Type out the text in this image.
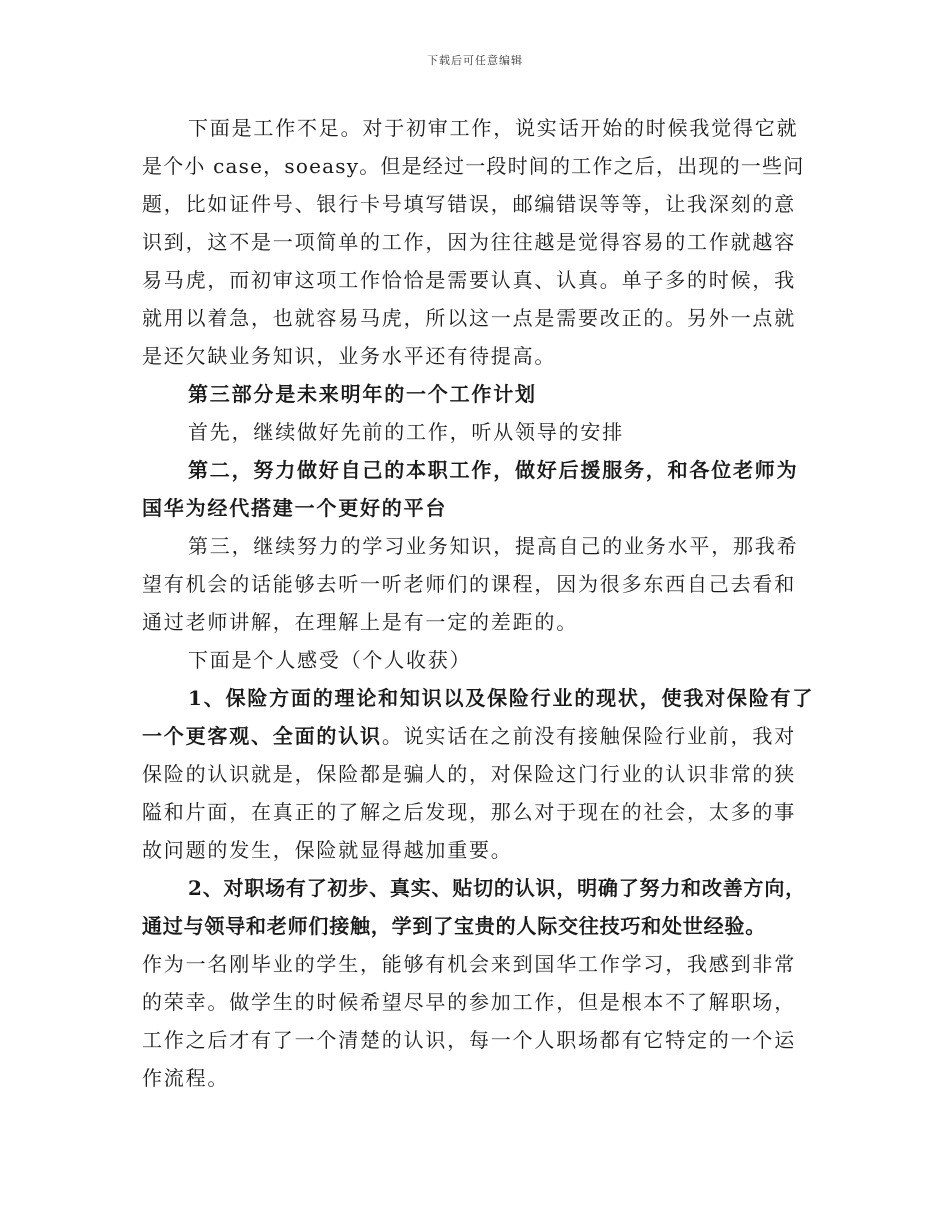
下载后可任意编辑
下面是工作不足。对于初审工作，说实话开始的时候我觉得它就
是个小 case，soeasy。但是经过一段时间的工作之后，出现的一些问
题，比如证件号、银行卡号填写错误，邮编错误等等，让我深刻的意
识到，这不是一项简单的工作，因为往往越是觉得容易的工作就越容
易马虎，而初审这项工作恰恰是需要认真、认真。单子多的时候，我
就用以着急，也就容易马虎，所以这一点是需要改正的。另外一点就
是还欠缺业务知识，业务水平还有待提高。
第三部分是未来明年的一个工作计划
首先，继续做好先前的工作，听从领导的安排
第二，努力做好自己的本职工作，做好后援服务，和各位老师为
国华为经代搭建一个更好的平台
第三，继续努力的学习业务知识，提高自己的业务水平，那我希
望有机会的话能够去听一听老师们的课程，因为很多东西自己去看和
通过老师讲解，在理解上是有一定的差距的。
下面是个人感受（个人收获）
1、保险方面的理论和知识以及保险行业的现状，使我对保险有了
一个更客观、全面的认识。说实话在之前没有接触保险行业前，我对
保险的认识就是，保险都是骗人的，对保险这门行业的认识非常的狭
隘和片面，在真正的了解之后发现，那么对于现在的社会，太多的事
故问题的发生，保险就显得越加重要。
2、对职场有了初步、真实、贴切的认识，明确了努力和改善方向，
通过与领导和老师们接触，学到了宝贵的人际交往技巧和处世经验。
作为一名刚毕业的学生，能够有机会来到国华工作学习，我感到非常
的荣幸。做学生的时候希望尽早的参加工作，但是根本不了解职场，
工作之后才有了一个清楚的认识，每一个人职场都有它特定的一个运
作流程。
